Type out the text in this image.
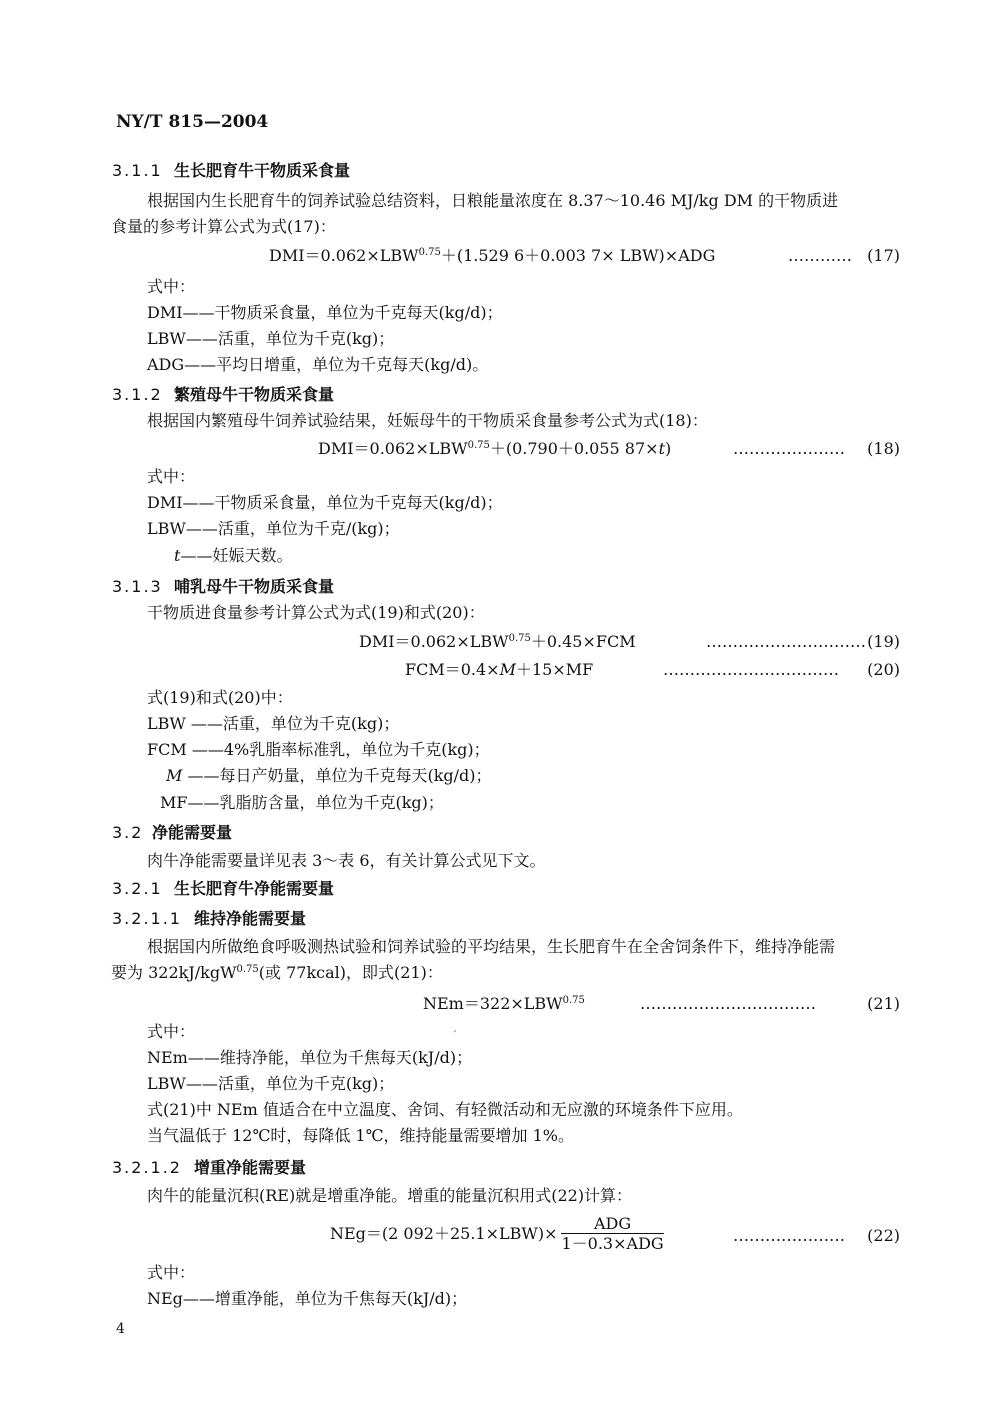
NY/T 815—2004
3.1.1 生长肥育牛干物质采食量
根据国内生长肥育牛的饲养试验总结资料，日粮能量浓度在 8.37～10.46 MJ/kg DM 的干物质进
食量的参考计算公式为式(17)：
$DMI=0.062\times LBW^{0.75}+(1.529$ 6＋0.003 7× LBW)×ADG	………… (17)
式中：
DMI——干物质采食量，单位为千克每天(kg/d)；
LBW——活重，单位为千克(kg)；
ADG——平均日增重，单位为千克每天(kg/d)。
3.1.2 繁殖母牛干物质采食量
根据国内繁殖母牛饲养试验结果，妊娠母牛的干物质采食量参考公式为式(18)：
$DMI=0.062\times LBW^{0.75}+(0.790+0.055$ 87×t)	………………… (18)
式中：
DMI——干物质采食量，单位为千克每天(kg/d)；
LBW——活重，单位为千克/(kg)；
t——妊娠天数。
3.1.3 哺乳母牛干物质采食量
干物质进食量参考计算公式为式(19)和式(20)：
$DMI=0.062\times LBW^{0.75}+0.45\times FCM$	………………………… (19)
FCM＝0.4×M＋15×MF	…………………………… (20)
式(19)和式(20)中：
LBW ——活重，单位为千克(kg)；
FCM ——4%乳脂率标准乳，单位为千克(kg)；
M ——每日产奶量，单位为千克每天(kg/d)；
MF——乳脂肪含量，单位为千克(kg)；
3.2 净能需要量
肉牛净能需要量详见表 3～表 6，有关计算公式见下文。
3.2.1 生长肥育牛净能需要量
3.2.1.1 维持净能需要量
根据国内所做绝食呼吸测热试验和饲养试验的平均结果，生长肥育牛在全舍饲条件下，维持净能需
要为 322kJ/kgW$^{0.75}$(或 77kcal)，即式(21)：
$NEm=322\times LBW^{0.75}$	……………………………	(21)
式中：	′
NEm——维持净能，单位为千焦每天(kJ/d)；
LBW——活重，单位为千克(kg)；
式(21)中 NEm 值适合在中立温度、舍饲、有轻微活动和无应激的环境条件下应用。
当气温低于 12℃时，每降低 1℃，维持能量需要增加 1%。
3.2.1.2 增重净能需要量
肉牛的能量沉积(RE)就是增重净能。增重的能量沉积用式(22)计算：
NEg＝(2 $092+25.1\times LBW)\times \frac{\text{ADG}}{\text{1－0.3×ADG}}$	………………… (22)
式中：
NEg——增重净能，单位为千焦每天(kJ/d)；
4
